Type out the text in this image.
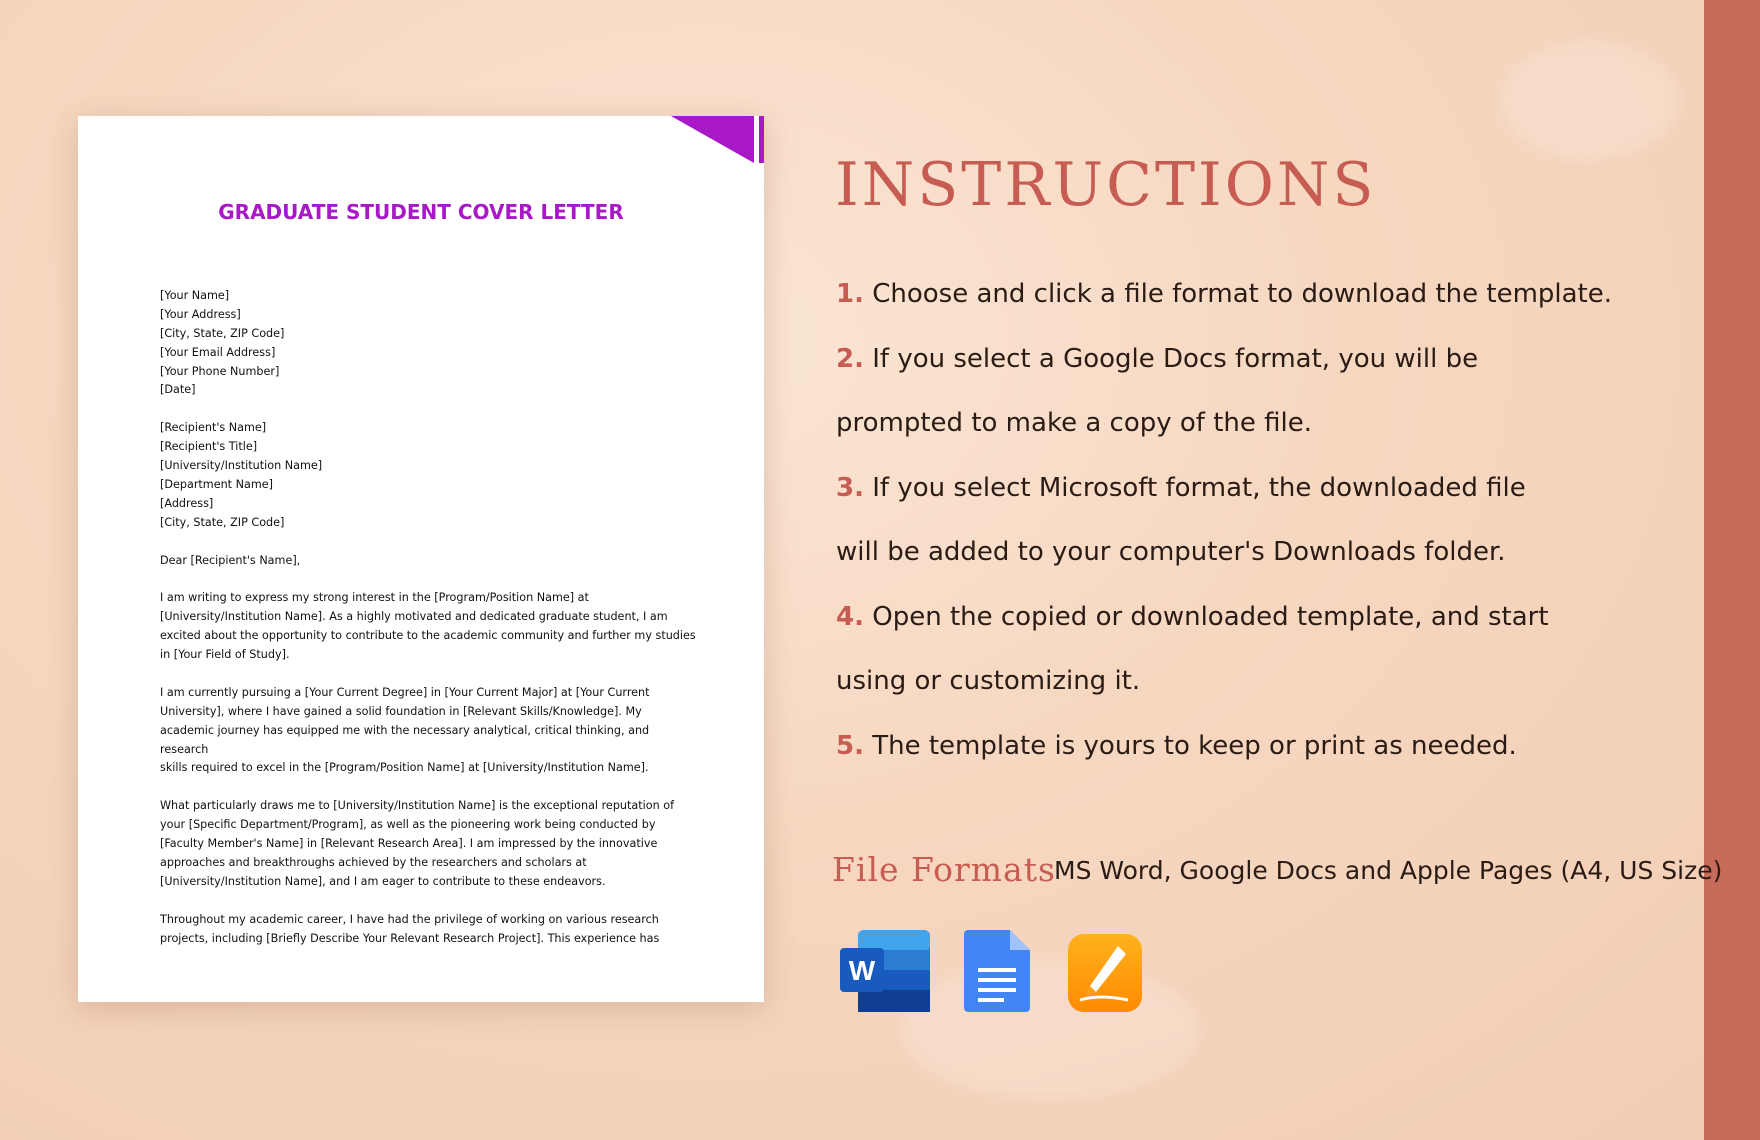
GRADUATE STUDENT COVER LETTER

[Your Name]
[Your Address]
[City, State, ZIP Code]
[Your Email Address]
[Your Phone Number]
[Date]

[Recipient's Name]
[Recipient's Title]
[University/Institution Name]
[Department Name]
[Address]
[City, State, ZIP Code]

Dear [Recipient's Name],

I am writing to express my strong interest in the [Program/Position Name] at
[University/Institution Name]. As a highly motivated and dedicated graduate student, I am
excited about the opportunity to contribute to the academic community and further my studies
in [Your Field of Study].

I am currently pursuing a [Your Current Degree] in [Your Current Major] at [Your Current
University], where I have gained a solid foundation in [Relevant Skills/Knowledge]. My
academic journey has equipped me with the necessary analytical, critical thinking, and research
skills required to excel in the [Program/Position Name] at [University/Institution Name].

What particularly draws me to [University/Institution Name] is the exceptional reputation of
your [Specific Department/Program], as well as the pioneering work being conducted by
[Faculty Member's Name] in [Relevant Research Area]. I am impressed by the innovative
approaches and breakthroughs achieved by the researchers and scholars at
[University/Institution Name], and I am eager to contribute to these endeavors.

Throughout my academic career, I have had the privilege of working on various research
projects, including [Briefly Describe Your Relevant Research Project]. This experience has

INSTRUCTIONS
1. Choose and click a file format to download the template.
2. If you select a Google Docs format, you will be
prompted to make a copy of the file.
3. If you select Microsoft format, the downloaded file
will be added to your computer's Downloads folder.
4. Open the copied or downloaded template, and start
using or customizing it.
5. The template is yours to keep or print as needed.
File Formats
MS Word, Google Docs and Apple Pages (A4, US Size)
W
